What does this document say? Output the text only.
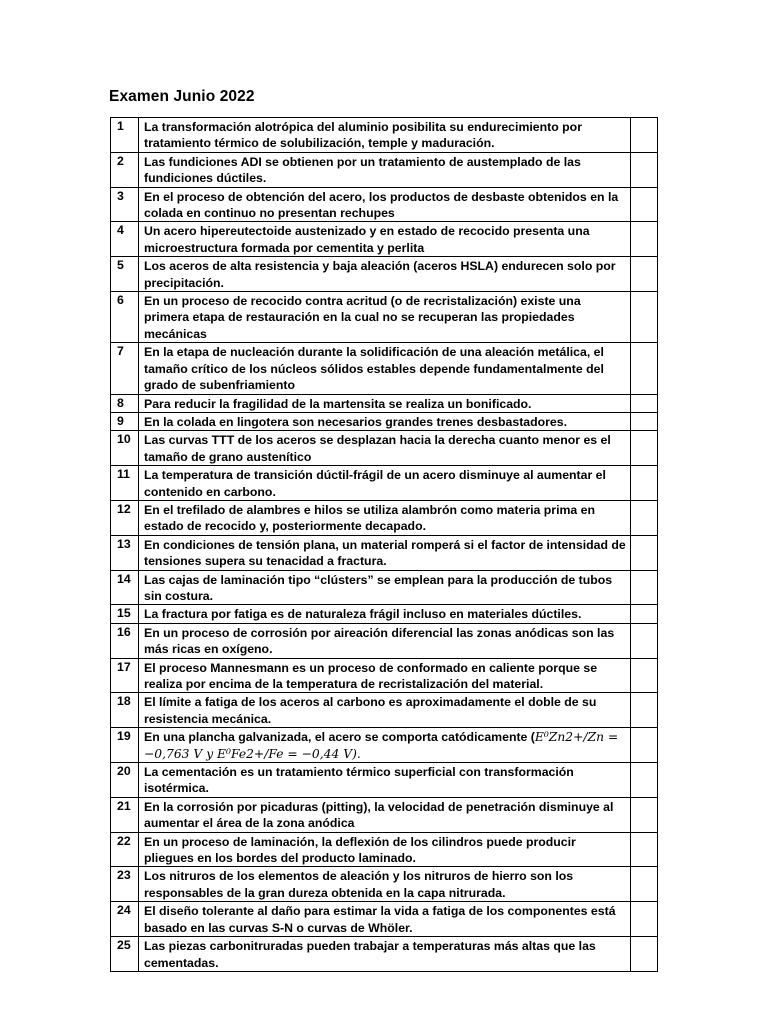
Examen Junio 2022
1	La transformación alotrópica del aluminio posibilita su endurecimiento por tratamiento térmico de solubilización, temple y maduración.	
2	Las fundiciones ADI se obtienen por un tratamiento de austemplado de las fundiciones dúctiles.	
3	En el proceso de obtención del acero, los productos de desbaste obtenidos en la colada en continuo no presentan rechupes	
4	Un acero hipereutectoide austenizado y en estado de recocido presenta una microestructura formada por cementita y perlita	
5	Los aceros de alta resistencia y baja aleación (aceros HSLA) endurecen solo por precipitación.	
6	En un proceso de recocido contra acritud (o de recristalización) existe una primera etapa de restauración en la cual no se recuperan las propiedades mecánicas	
7	En la etapa de nucleación durante la solidificación de una aleación metálica, el tamaño crítico de los núcleos sólidos estables depende fundamentalmente del grado de subenfriamiento	
8	Para reducir la fragilidad de la martensita se realiza un bonificado.	
9	En la colada en lingotera son necesarios grandes trenes desbastadores.	
10	Las curvas TTT de los aceros se desplazan hacia la derecha cuanto menor es el tamaño de grano austenítico	
11	La temperatura de transición dúctil-frágil de un acero disminuye al aumentar el contenido en carbono.	
12	En el trefilado de alambres e hilos se utiliza alambrón como materia prima en estado de recocido y, posteriormente decapado.	
13	En condiciones de tensión plana, un material romperá si el factor de intensidad de tensiones supera su tenacidad a fractura.	
14	Las cajas de laminación tipo “clústers” se emplean para la producción de tubos sin costura.	
15	La fractura por fatiga es de naturaleza frágil incluso en materiales dúctiles.	
16	En un proceso de corrosión por aireación diferencial las zonas anódicas son las más ricas en oxígeno.	
17	El proceso Mannesmann es un proceso de conformado en caliente porque se realiza por encima de la temperatura de recristalización del material.	
18	El límite a fatiga de los aceros al carbono es aproximadamente el doble de su resistencia mecánica.	
19	En una plancha galvanizada, el acero se comporta catódicamente (E⁰Zn2+/Zn = −0,763 V y E⁰Fe2+/Fe = −0,44 V).	
20	La cementación es un tratamiento térmico superficial con transformación isotérmica.	
21	En la corrosión por picaduras (pitting), la velocidad de penetración disminuye al aumentar el área de la zona anódica	
22	En un proceso de laminación, la deflexión de los cilindros puede producir pliegues en los bordes del producto laminado.	
23	Los nitruros de los elementos de aleación y los nitruros de hierro son los responsables de la gran dureza obtenida en la capa nitrurada.	
24	El diseño tolerante al daño para estimar la vida a fatiga de los componentes está basado en las curvas S-N o curvas de Whöler.	
25	Las piezas carbonitruradas pueden trabajar a temperaturas más altas que las cementadas.	
